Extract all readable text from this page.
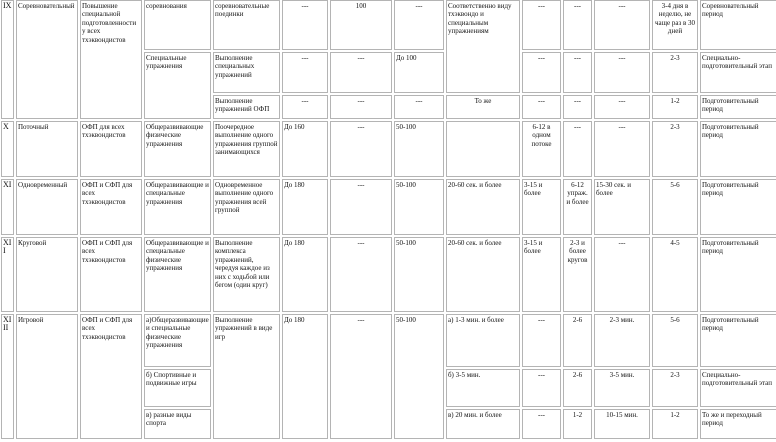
IX	Соревновательный	Повышение специальной подготовленности у всех тхэквондистов	соревнования	соревновательные поединки	---	100	---	Соответственно виду тхэквондо и специальным упражнениям	---	---	---	3-4 дня в неделю, не чаще раз в 30 дней	Соревновательный период
			Специальные упражнения	Выполнение специальных упражнений	---	---	До 100		---	---	---	2-3	Специально-подготовительный этап
				Выполнение упражнений ОФП	---	---	---	То же	---	---	---	1-2	Подготовительный период
X	Поточный	ОФП для всех тхэквондистов	Общеразвивающие физические упражнения	Поочередное выполнение одного упражнения группой занимающихся	До 160	---	50-100		6-12 в одном потоке	---	---	2-3	Подготовительный период
XI	Одновременный	ОФП и СФП для всех тхэквондистов	Общеразвивающие и специальные упражнения	Одновременное выполнение одного упражнения всей группой	До 180	---	50-100	20-60 сек. и более	3-15 и более	6-12 упраж. и более	15-30 сек. и более	5-6	Подготовительный период
XII	Круговой	ОФП и СФП для всех тхэквондистов	Общеразвивающие и специальные физические упражнения	Выполнение комплекса упражнений, чередуя каждое из них с ходьбой или бегом (один круг)	До 180	---	50-100	20-60 сек. и более	3-15 и более	2-3 и более кругов	---	4-5	Подготовительный период
XIII	Игровой	ОФП и СФП для всех тхэквондистов	а)Общеразвивающие и специальные физические упражнения	Выполнение упражнений в виде игр	До 180	---	50-100	а) 1-3 мин. и более	---	2-6	2-3 мин.	5-6	Подготовительный период
			б) Спортивные и подвижные игры					б) 3-5 мин.	---	2-6	3-5 мин.	2-3	Специально-подготовительный этап
			в) разные виды спорта					в) 20 мин. и более	---	1-2	10-15 мин.	1-2	То же и переходный период
